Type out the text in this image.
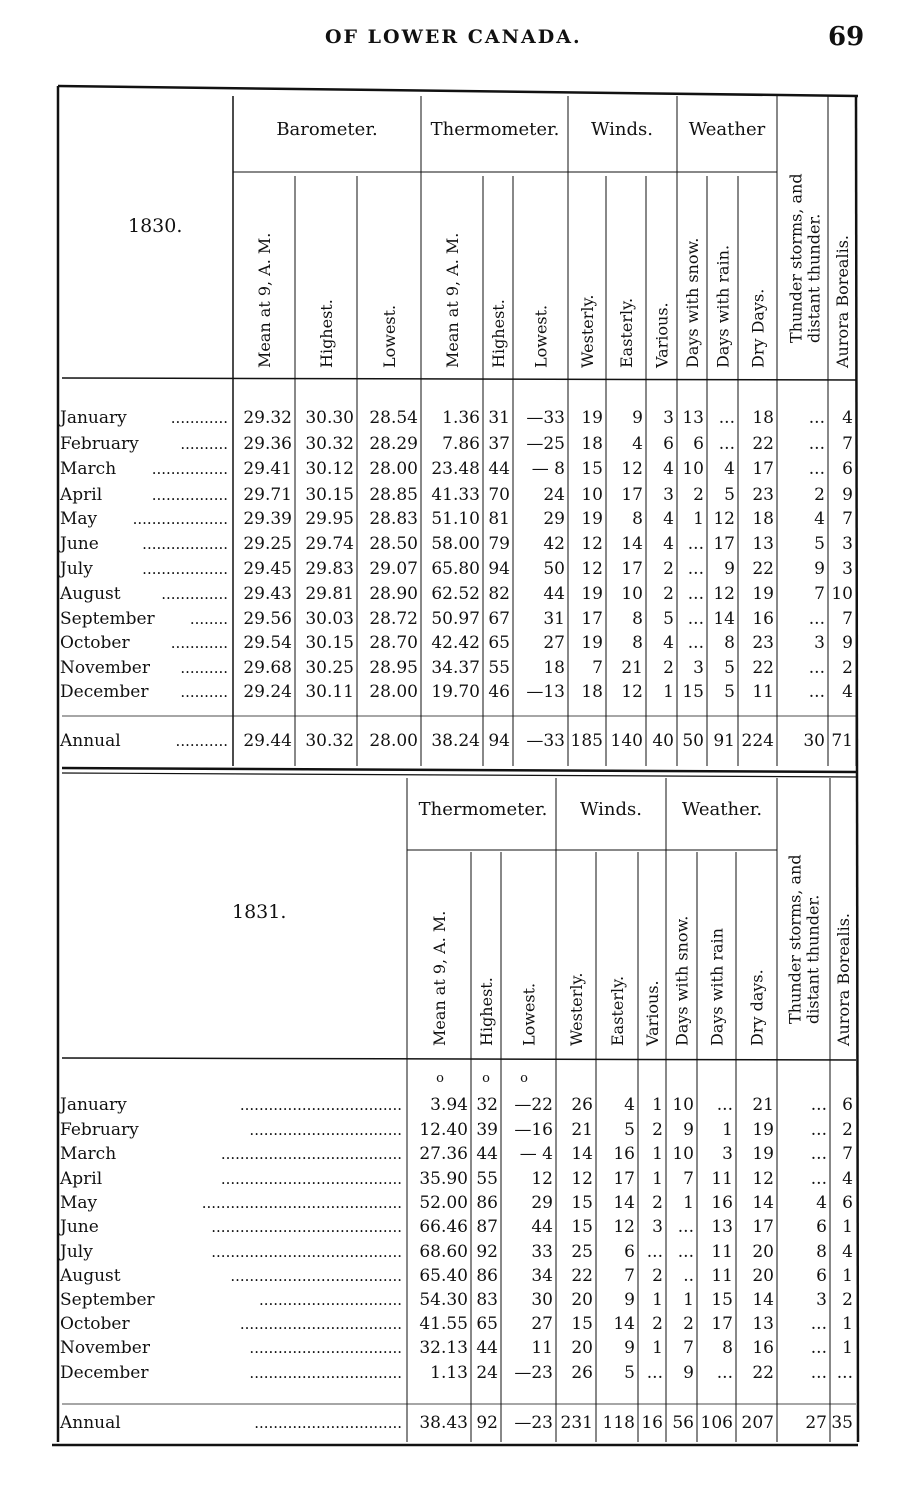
OF LOWER CANADA.	69
1830.
Barometer.	Thermometer. Winds. Weather
Mean at 9, A. M.	Highest.	Lowest.	Mean at 9, A. M. Highest. Lowest. Westerly. Easterly. Various. Days with snow. Days with rain. Dry Days. Thunder storms, and distant thunder. Aurora Borealis.
January	............ 29.32 30.30 28.54 1.36 31 —33 19 9 3 13 ... 18 ... 4
February	.......... 29.36 30.32 28.29 7.86 37 —25 18 4 6 6 ... 22 ... 7
March ................ 29.41 30.12 28.00 23.48 44 — 8 15 12 4 10 4 17 ... 6
April	................ 29.71 30.15 28.85 41.33 70 24 10 17 3 2 5 23 2 9
May .................... 29.39 29.95 28.83 51.10 81 29 19 8 4 1 12 18 4 7
June	.................. 29.25 29.74 28.50 58.00 79 42 12 14 4 ... 17 13 5 3
July	.................. 29.45 29.83 29.07 65.80 94 50 12 17 2 ... 9 22 9 3
August	.............. 29.43 29.81 28.90 62.52 82 44 19 10 2 ... 12 19 7 10
September ........ 29.56 30.03 28.72 50.97 67 31 17 8 5 ... 14 16 ... 7
October	............ 29.54 30.15 28.70 42.42 65 27 19 8 4 ... 8 23 3 9
November .......... 29.68 30.25 28.95 34.37 55 18 7 21 2 3 5 22 ... 2
December .......... 29.24 30.11 28.00 19.70 46 —13 18 12 1 15 5 11 ... 4
Annual	........... 29.44 30.32 28.00 38.24 94 —33 185 140 40 50 91 224 30 71
1831.
Thermometer. Winds. Weather.
Mean at 9, A. M. Highest. Lowest. Westerly. Easterly. Various. Days with snow. Days with rain Dry days. Thunder storms, and distant thunder. Aurora Borealis.
o	o o
January	.................................. 3.94 32 —22 26 4 1 10 ... 21 ... 6
February	................................ 12.40 39 —16 21 5 2 9 1 19 ... 2
March	...................................... 27.36 44 — 4 14 16 1 10 3 19 ... 7
April	...................................... 35.90 55 12 12 17 1 7 11 12 ... 4
May	.......................................... 52.00 86 29 15 14 2 1 16 14 4 6
June	........................................ 66.46 87 44 15 12 3 ... 13 17 6 1
July	........................................ 68.60 92 33 25 6 ... ... 11 20 8 4
August	.................................... 65.40 86 34 22 7 2 .. 11 20 6 1
September	.............................. 54.30 83 30 20 9 1 1 15 14 3 2
October	.................................. 41.55 65 27 15 14 2 2 17 13 ... 1
November	................................ 32.13 44 11 20 9 1 7 8 16 ... 1
December	................................ 1.13 24 —23 26 5 ... 9 ... 22 ... ...
Annual	............................... 38.43 92 —23 231 118 16 56 106 207 27 35
